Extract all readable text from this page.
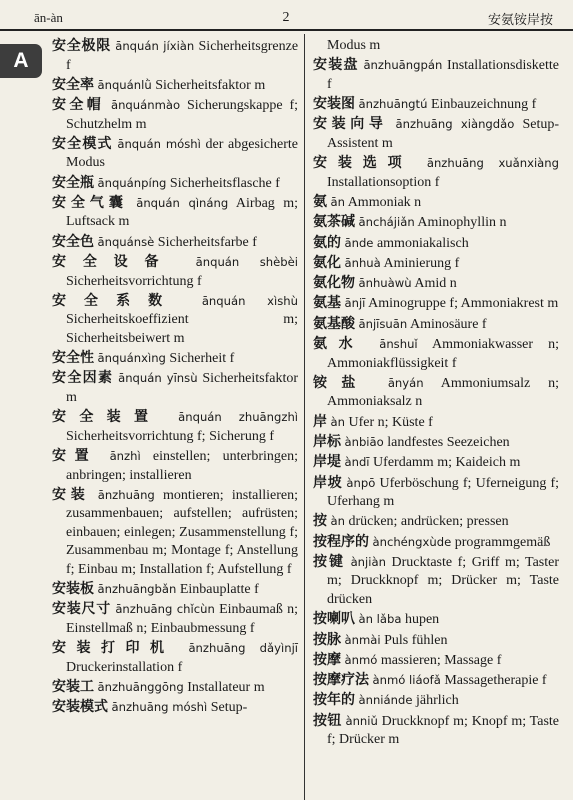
ān-àn	2	安氨铵岸按
A
安全极限 ānquán jíxiàn Sicherheitsgrenze f
安全率 ānquánlǜ Sicherheitsfaktor m
安全帽 ānquánmào Sicherungskappe f; Schutzhelm m
安全模式 ānquán móshì der abgesicherte Modus
安全瓶 ānquánpíng Sicherheitsflasche f
安全气囊 ānquán qìnáng Airbag m; Luftsack m
安全色 ānquánsè Sicherheitsfarbe f
安全设备 ānquán shèbèi Sicherheitsvorrichtung f
安全系数 ānquán xìshù Sicherheitskoeffizient m; Sicherheitsbeiwert m
安全性 ānquánxìng Sicherheit f
安全因素 ānquán yīnsù Sicherheitsfaktor m
安全装置 ānquán zhuāngzhì Sicherheitsvorrichtung f; Sicherung f
安置 ānzhì einstellen; unterbringen; anbringen; installieren
安装 ānzhuāng montieren; installieren; zusammenbauen; aufstellen; aufrüsten; einbauen; einlegen; Zusammenstellung f; Zusammenbau m; Montage f; Anstellung f; Einbau m; Installation f; Aufstellung f
安装板 ānzhuāngbǎn Einbauplatte f
安装尺寸 ānzhuāng chǐcùn Einbaumaß n; Einstellmaß n; Einbaubmessung f
安装打印机 ānzhuāng dǎyìnjī Druckerinstallation f
安装工 ānzhuānggōng Installateur m
安装模式 ānzhuāng móshì Setup-
Modus m
安装盘 ānzhuāngpán Installationsdiskette f
安装图 ānzhuāngtú Einbauzeichnung f
安装向导 ānzhuāng xiàngdǎo Setup-Assistent m
安装选项 ānzhuāng xuǎnxiàng Installationsoption f
氨 ān Ammoniak n
氨茶碱 ānchájiǎn Aminophyllin n
氨的 ānde ammoniakalisch
氨化 ānhuà Aminierung f
氨化物 ānhuàwù Amid n
氨基 ānjī Aminogruppe f; Ammoniakrest m
氨基酸 ānjīsuān Aminosäure f
氨水 ānshuǐ Ammoniakwasser n; Ammoniakflüssigkeit f
铵盐 ānyán Ammoniumsalz n; Ammoniaksalz n
岸 àn Ufer n; Küste f
岸标 ànbiāo landfestes Seezeichen
岸堤 àndī Uferdamm m; Kaideich m
岸坡 ànpō Uferböschung f; Uferneigung f; Uferhang m
按 àn drücken; andrücken; pressen
按程序的 ànchéngxùde programmgemäß
按键 ànjiàn Drucktaste f; Griff m; Taster m; Druckknopf m; Drücker m; Taste drücken
按喇叭 àn lǎba hupen
按脉 ànmài Puls fühlen
按摩 ànmó massieren; Massage f
按摩疗法 ànmó liáofǎ Massagetherapie f
按年的 ànniánde jährlich
按钮 ànniǔ Druckknopf m; Knopf m; Taste f; Drücker m
